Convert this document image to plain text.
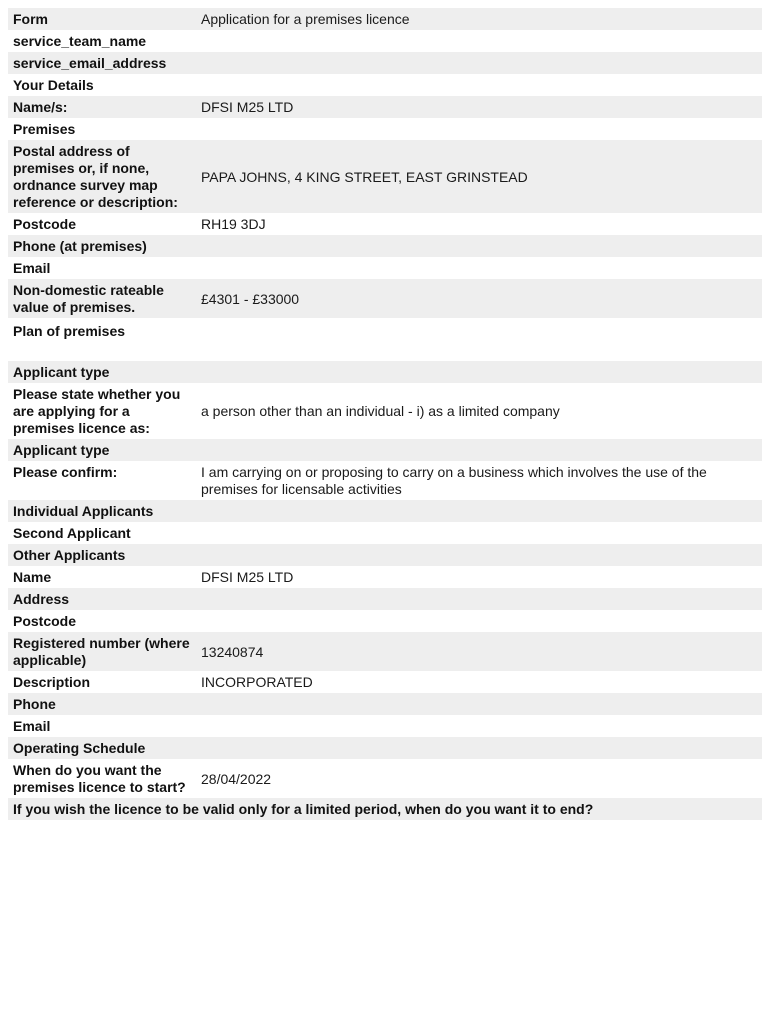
Form	Application for a premises licence
service_team_name	
service_email_address	
Your Details	
Name/s:	DFSI M25 LTD
Premises	
Postal address of premises or, if none, ordnance survey map reference or description:	PAPA JOHNS, 4 KING STREET, EAST GRINSTEAD
Postcode	RH19 3DJ
Phone (at premises)	
Email	
Non-domestic rateable value of premises.	£4301 - £33000
Plan of premises	
Applicant type	
Please state whether you are applying for a premises licence as:	a person other than an individual - i) as a limited company
Applicant type	
Please confirm:	I am carrying on or proposing to carry on a business which involves the use of the premises for licensable activities
Individual Applicants	
Second Applicant	
Other Applicants	
Name	DFSI M25 LTD
Address	
Postcode	
Registered number (where applicable)	13240874
Description	INCORPORATED
Phone	
Email	
Operating Schedule	
When do you want the premises licence to start?	28/04/2022
If you wish the licence to be valid only for a limited period, when do you want it to end?	
